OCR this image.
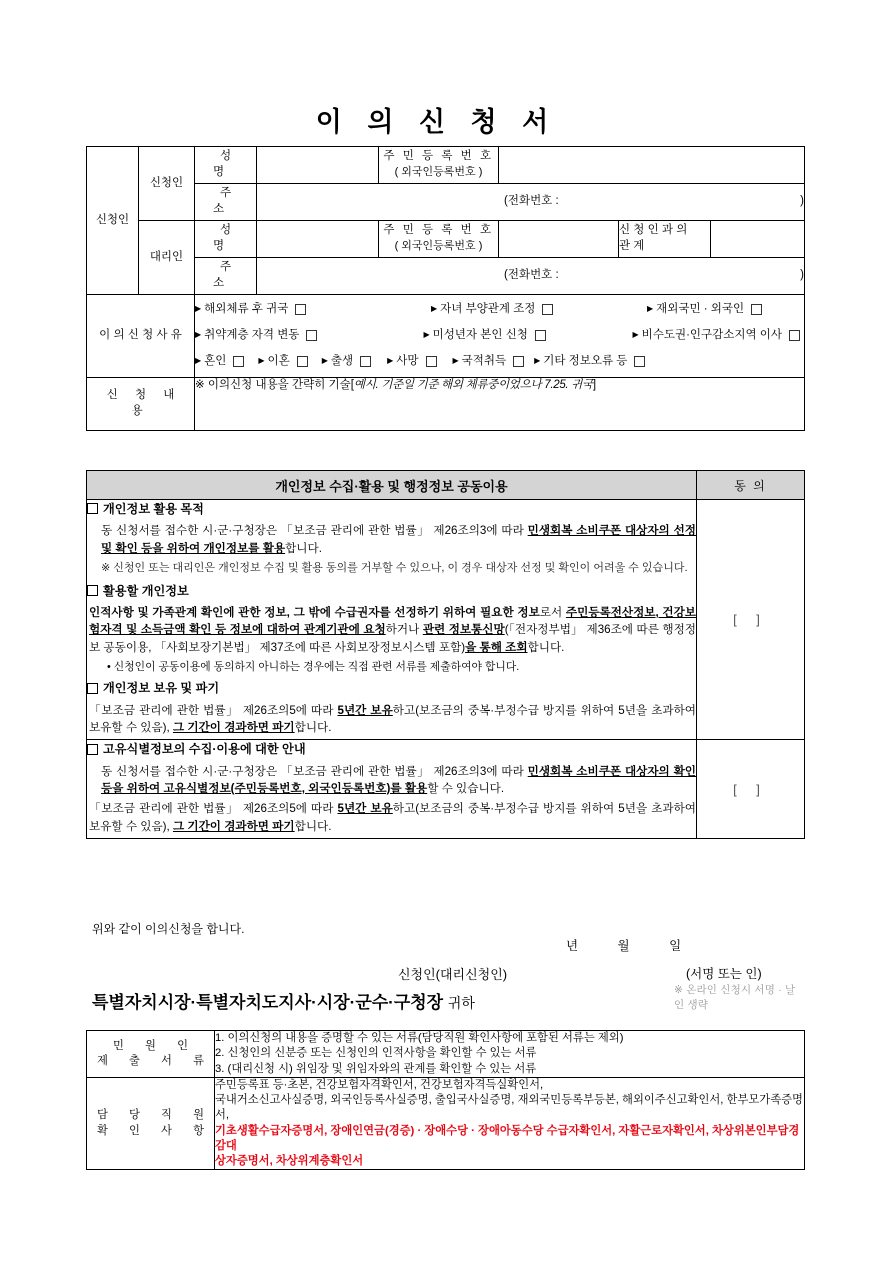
이 의 신 청 서
신청인	신청인	성 명		주 민 등 록 번 호
( 외국인등록번호 )			
		주 소	(전화번호 : )				

	대리인	성 명		주 민 등 록 번 호
( 외국인등록번호 )		신 청 인 과 의
관 계	
		주 소	(전화번호 : )				

이 의 신 청 사 유	
▶ 해외체류 후 귀국	▶ 자녀 부양관계 조정	▶ 재외국민 · 외국인
▶ 취약계층 자격 변동	▶ 미성년자 본인 신청	▶ 비수도권·인구감소지역 이사
▶ 혼인	▶ 이혼	▶ 출생	▶ 사망	▶ 국적취득	▶ 기타 정보오류 등

신 청 내 용		※ 이의신청 내용을 간략히 기술[예시. 기준일 기준 해외 체류중이었으나 7.25. 귀국]					
개인정보 수집·활용 및 행정정보 공동이용	동 의

개인정보 활용 목적

동 신청서를 접수한 시·군·구청장은 「보조금 관리에 관한 법률」 제26조의3에 따라 민생회복 소비쿠폰 대상자의 선정 및 확인 등을 위하여 개인정보를 활용합니다.

※ 신청인 또는 대리인은 개인정보 수집 및 활용 동의를 거부할 수 있으나, 이 경우 대상자 선정 및 확인이 어려울 수 있습니다.

활용할 개인정보

인적사항 및 가족관계 확인에 관한 정보, 그 밖에 수급권자를 선정하기 위하여 필요한 정보로서 주민등록전산정보, 건강보험자격 및 소득금액 확인 등 정보에 대하여 관계기관에 요청하거나 관련 정보통신망(「전자정부법」 제36조에 따른 행정정보 공동이용, 「사회보장기본법」 제37조에 따른 사회보장정보시스템 포함)을 통해 조회합니다.

• 신청인이 공동이용에 동의하지 아니하는 경우에는 직접 관련 서류를 제출하여야 합니다.

개인정보 보유 및 파기

「보조금 관리에 관한 법률」 제26조의5에 따라 5년간 보유하고(보조금의 중복·부정수급 방지를 위하여 5년을 초과하여 보유할 수 있음), 그 기간이 경과하면 파기합니다.

	[ ]

고유식별정보의 수집·이용에 대한 안내

동 신청서를 접수한 시·군·구청장은 「보조금 관리에 관한 법률」 제26조의3에 따라 민생회복 소비쿠폰 대상자의 확인 등을 위하여 고유식별정보(주민등록번호, 외국인등록번호)를 활용할 수 있습니다.

「보조금 관리에 관한 법률」 제26조의5에 따라 5년간 보유하고(보조금의 중복·부정수급 방지를 위하여 5년을 초과하여 보유할 수 있음), 그 기간이 경과하면 파기합니다.	[ ]
위와 같이 이의신청을 합니다.
년 월 일
신청인(대리신청인)	(서명 또는 인)
※ 온라인 신청시 서명 · 날인 생략
특별자치시장·특별자치도지사·시장·군수·구청장 귀하
민 원 인
제 출 서 류	1. 이의신청의 내용을 증명할 수 있는 서류(담당직원 확인사항에 포함된 서류는 제외)
2. 신청인의 신분증 또는 신청인의 인적사항을 확인할 수 있는 서류
3. (대리신청 시) 위임장 및 위임자와의 관계를 확인할 수 있는 서류

담 당 직 원
확 인 사 항	주민등록표 등·초본, 건강보험자격확인서, 건강보험자격득실확인서,
국내거소신고사실증명, 외국인등록사실증명, 출입국사실증명, 재외국민등록부등본, 해외이주신고확인서, 한부모가족증명서,
기초생활수급자증명서, 장애인연금(경증) · 장애수당 · 장애아동수당 수급자확인서, 자활근로자확인서, 차상위본인부담경감대
상자증명서, 차상위계층확인서
